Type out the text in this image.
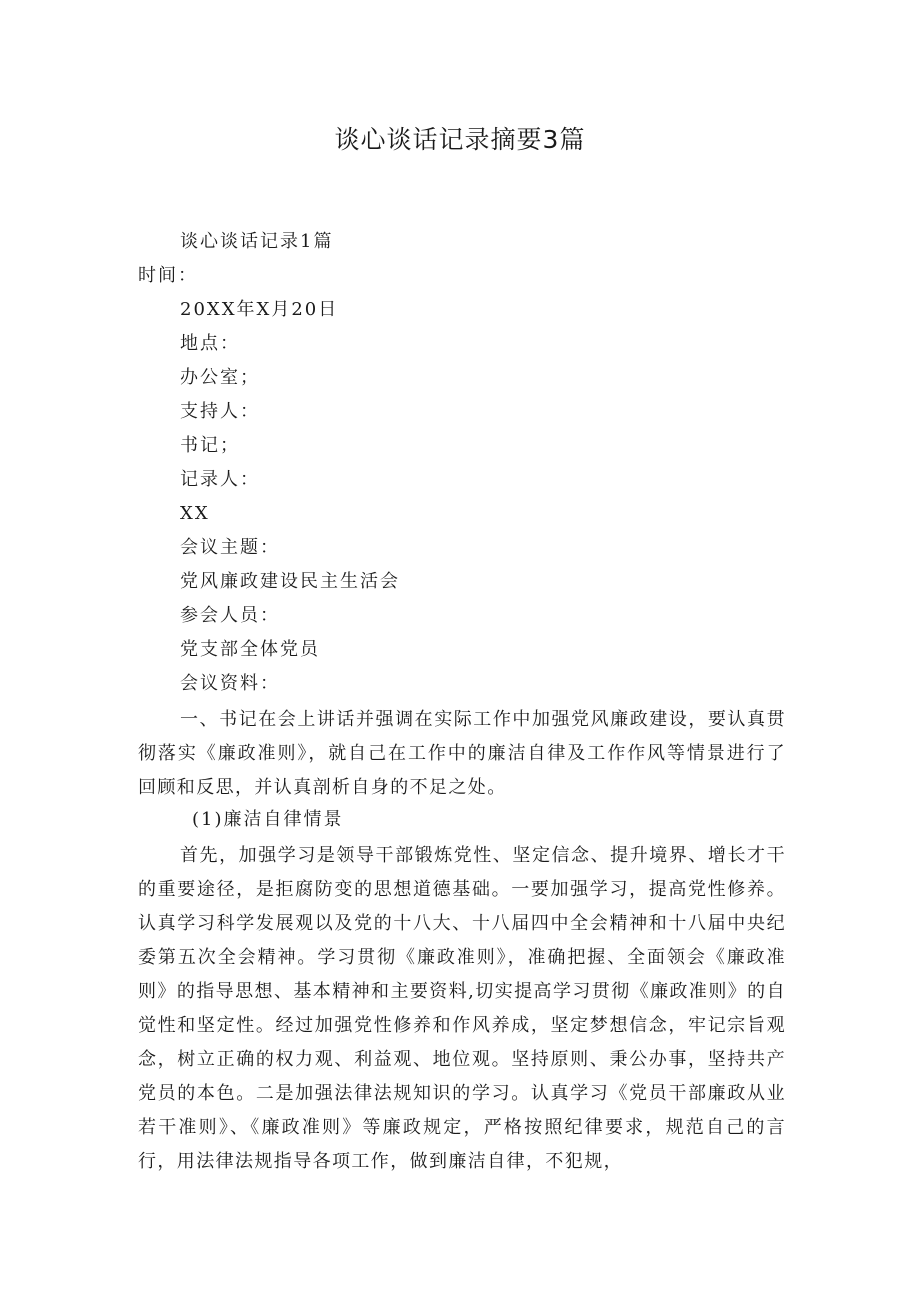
谈心谈话记录摘要3篇
谈心谈话记录1篇
时间：
20XX年X月20日
地点：
办公室；
支持人：
书记；
记录人：
XX
会议主题：
党风廉政建设民主生活会
参会人员：
党支部全体党员
会议资料：

一、书记在会上讲话并强调在实际工作中加强党风廉政建设，要认真贯彻落实《廉政准则》，就自己在工作中的廉洁自律及工作作风等情景进行了回顾和反思，并认真剖析自身的不足之处。

(1)廉洁自律情景

首先，加强学习是领导干部锻炼党性、坚定信念、提升境界、增长才干的重要途径，是拒腐防变的思想道德基础。一要加强学习，提高党性修养。认真学习科学发展观以及党的十八大、十八届四中全会精神和十八届中央纪委第五次全会精神。学习贯彻《廉政准则》，准确把握、全面领会《廉政准则》的指导思想、基本精神和主要资料,切实提高学习贯彻《廉政准则》的自觉性和坚定性。经过加强党性修养和作风养成，坚定梦想信念，牢记宗旨观念，树立正确的权力观、利益观、地位观。坚持原则、秉公办事，坚持共产党员的本色。二是加强法律法规知识的学习。认真学习《党员干部廉政从业若干准则》、《廉政准则》等廉政规定，严格按照纪律要求，规范自己的言行，用法律法规指导各项工作，做到廉洁自律，不犯规，
